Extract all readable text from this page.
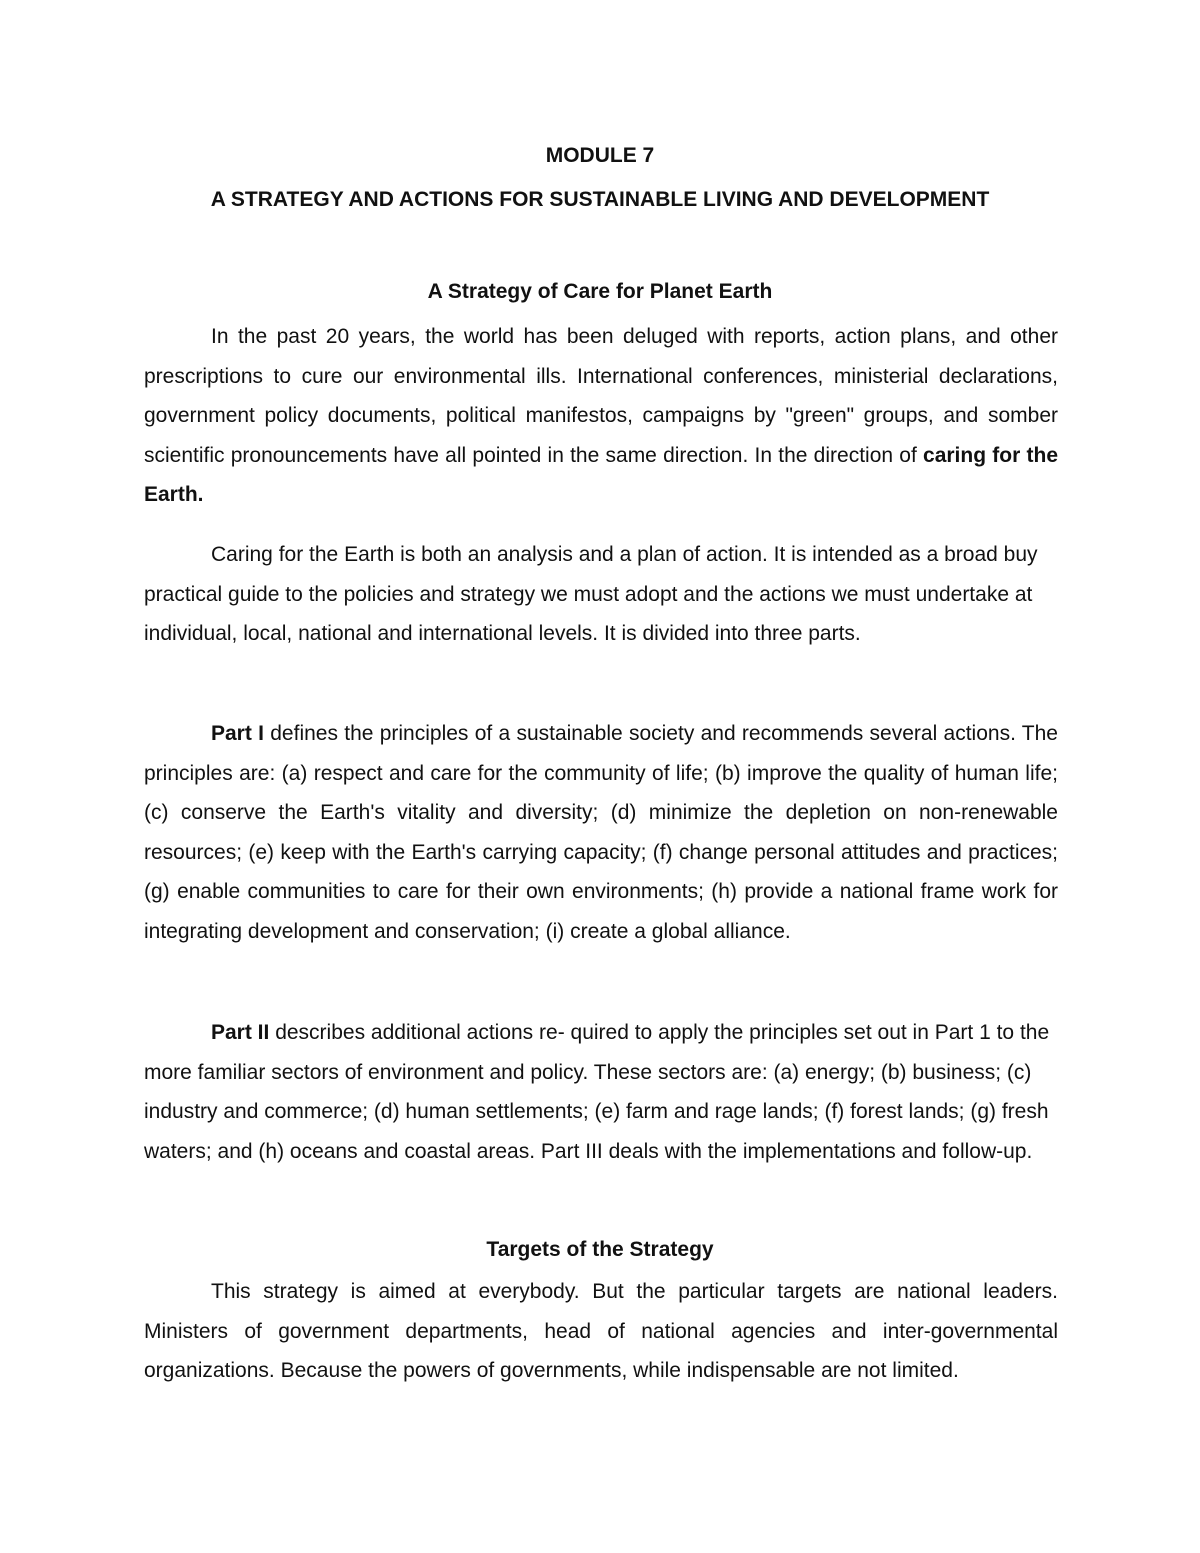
MODULE 7
A STRATEGY AND ACTIONS FOR SUSTAINABLE LIVING AND DEVELOPMENT
A Strategy of Care for Planet Earth

In the past 20 years, the world has been deluged with reports, action plans, and other prescriptions to cure our environmental ills. International conferences, ministerial declarations, government policy documents, political manifestos, campaigns by "green" groups, and somber scientific pronouncements have all pointed in the same direction. In the direction of caring for the Earth.

Caring for the Earth is both an analysis and a plan of action. It is intended as a broad buy practical guide to the policies and strategy we must adopt and the actions we must undertake at individual, local, national and international levels. It is divided into three parts.

Part I defines the principles of a sustainable society and recommends several actions. The principles are: (a) respect and care for the community of life; (b) improve the quality of human life; (c) conserve the Earth's vitality and diversity; (d) minimize the depletion on non-renewable resources; (e) keep with the Earth's carrying capacity; (f) change personal attitudes and practices; (g) enable communities to care for their own environments; (h) provide a national frame work for integrating development and conservation; (i) create a global alliance.

Part II describes additional actions re- quired to apply the principles set out in Part 1 to the more familiar sectors of environment and policy. These sectors are: (a) energy; (b) business; (c) industry and commerce; (d) human settlements; (e) farm and rage lands; (f) forest lands; (g) fresh waters; and (h) oceans and coastal areas. Part III deals with the implementations and follow-up.

Targets of the Strategy

This strategy is aimed at everybody. But the particular targets are national leaders. Ministers of government departments, head of national agencies and inter-governmental organizations. Because the powers of governments, while indispensable are not limited.
